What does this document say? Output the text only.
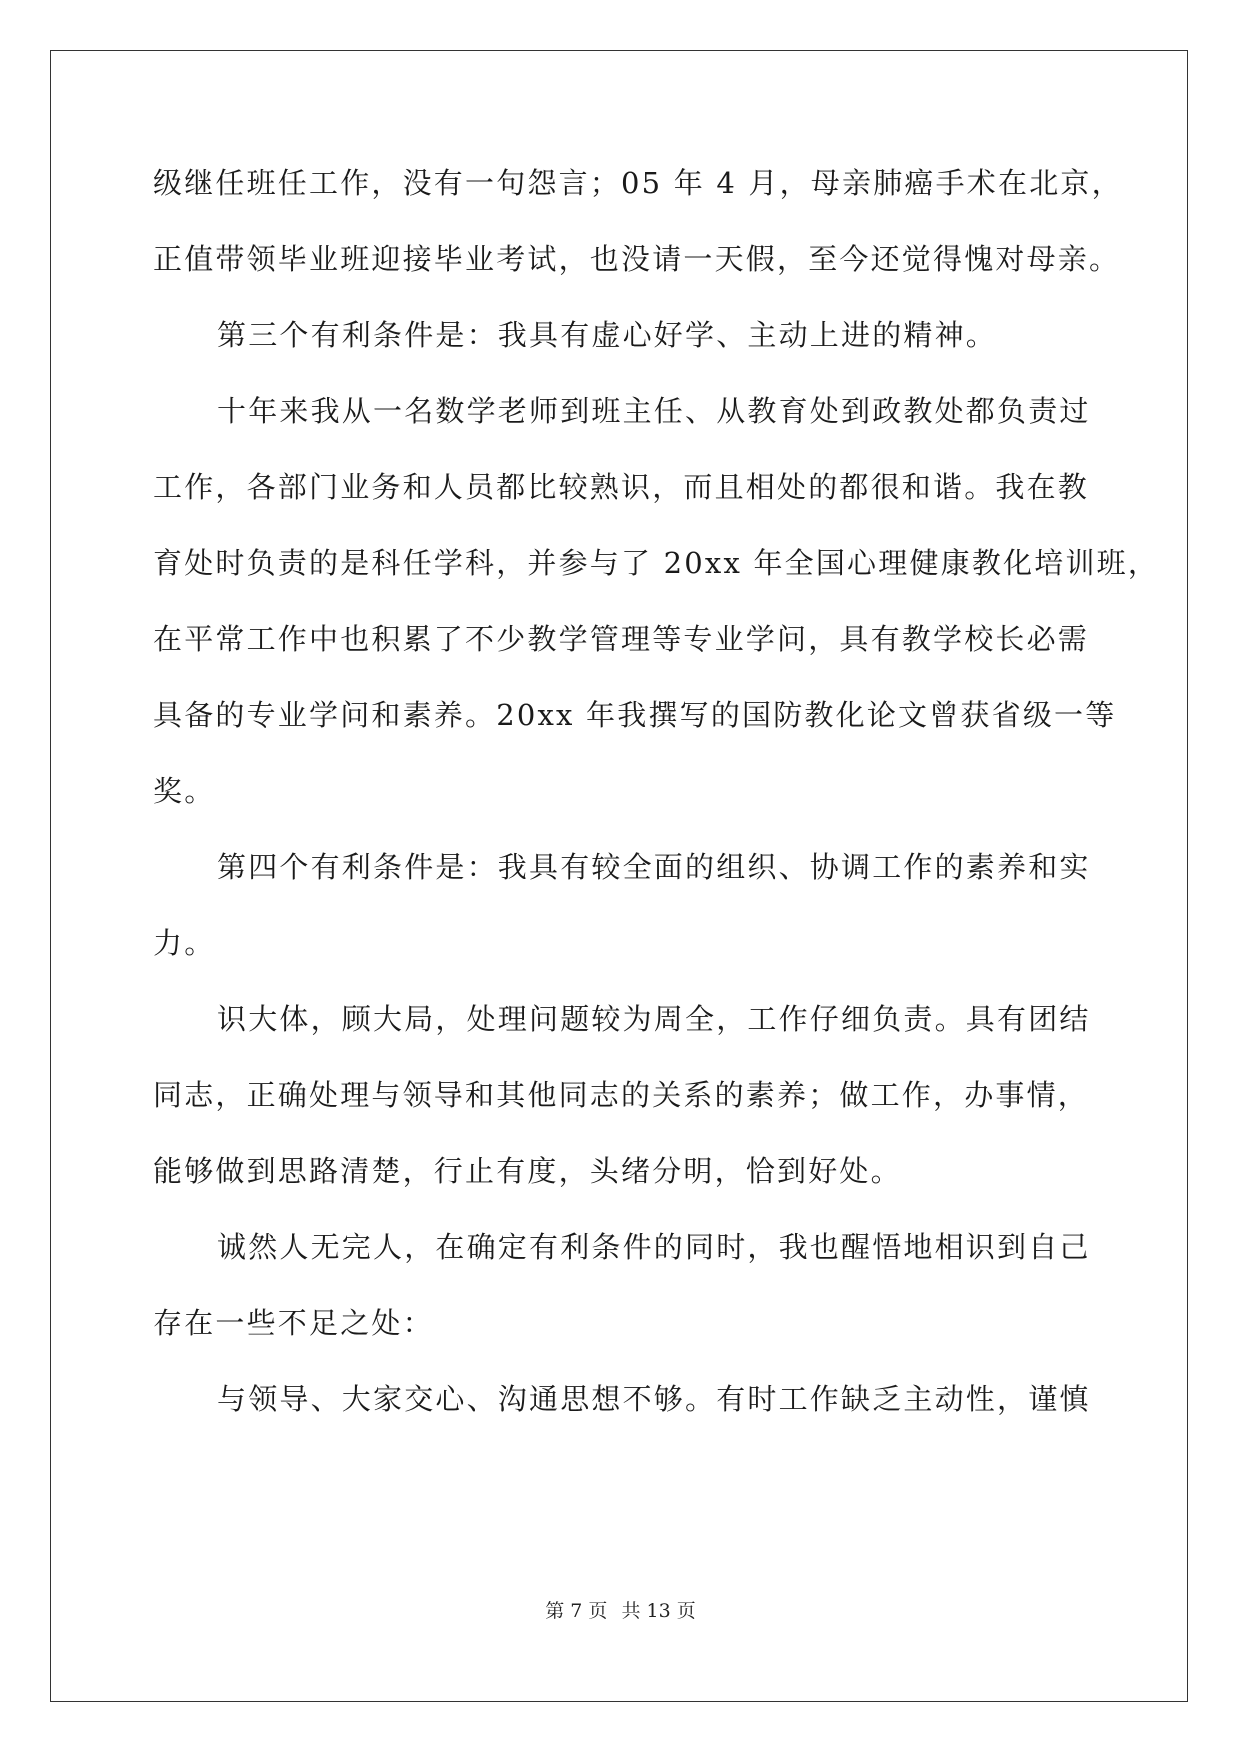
级继任班任工作，没有一句怨言；05 年 4 月，母亲肺癌手术在北京，
正值带领毕业班迎接毕业考试，也没请一天假，至今还觉得愧对母亲。
第三个有利条件是：我具有虚心好学、主动上进的精神。
十年来我从一名数学老师到班主任、从教育处到政教处都负责过
工作，各部门业务和人员都比较熟识，而且相处的都很和谐。我在教
育处时负责的是科任学科，并参与了 20xx 年全国心理健康教化培训班，
在平常工作中也积累了不少教学管理等专业学问，具有教学校长必需
具备的专业学问和素养。20xx 年我撰写的国防教化论文曾获省级一等
奖。
第四个有利条件是：我具有较全面的组织、协调工作的素养和实
力。
识大体，顾大局，处理问题较为周全，工作仔细负责。具有团结
同志，正确处理与领导和其他同志的关系的素养；做工作，办事情，
能够做到思路清楚，行止有度，头绪分明，恰到好处。
诚然人无完人，在确定有利条件的同时，我也醒悟地相识到自己
存在一些不足之处：
与领导、大家交心、沟通思想不够。有时工作缺乏主动性，谨慎
第 7 页 共 13 页
